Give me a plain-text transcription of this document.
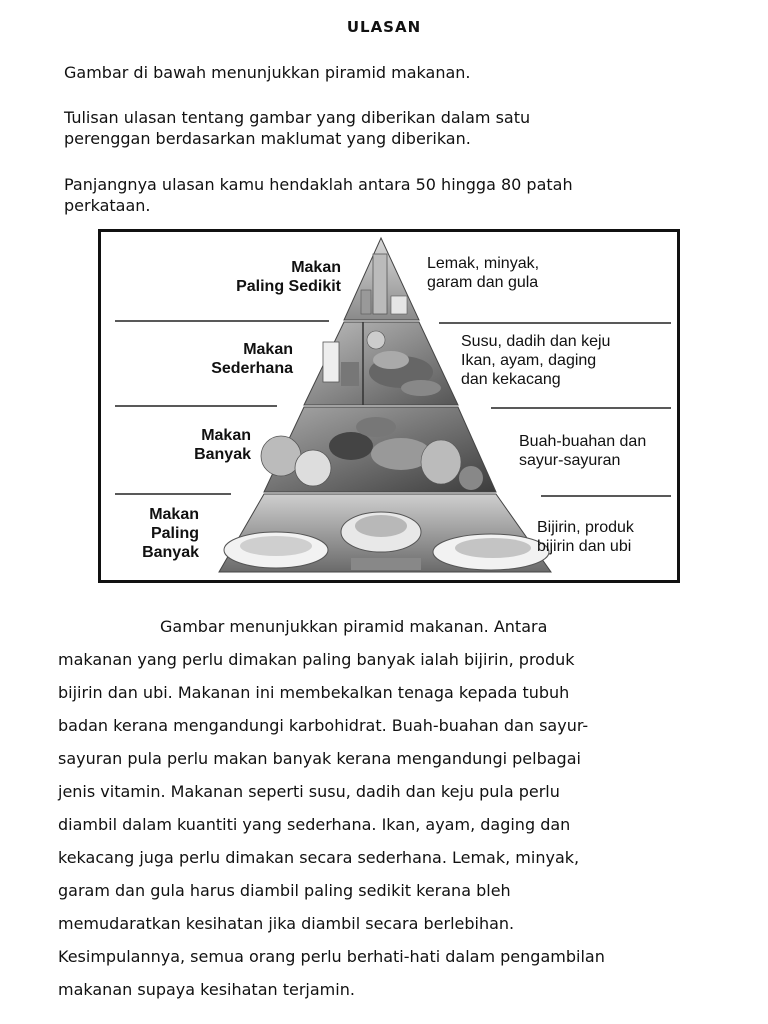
ULASAN

Gambar di bawah menunjukkan piramid makanan.

Tulisan ulasan tentang gambar yang diberikan dalam satu
perenggan berdasarkan maklumat yang diberikan.

Panjangnya ulasan kamu hendaklah antara 50 hingga 80 patah
perkataan.

Makan
Paling Sedikit

Makan
Sederhana

Makan
Banyak

Makan
Paling
Banyak

Lemak, minyak,
garam dan gula

Susu, dadih dan keju
Ikan, ayam, daging
dan kekacang

Buah-buahan dan
sayur-sayuran

Bijirin, produk
bijirin dan ubi

Gambar menunjukkan piramid makanan. Antara
makanan yang perlu dimakan paling banyak ialah bijirin, produk
bijirin dan ubi. Makanan ini membekalkan tenaga kepada tubuh
badan kerana mengandungi karbohidrat. Buah-buahan dan sayur-
sayuran pula perlu makan banyak kerana mengandungi pelbagai
jenis vitamin. Makanan seperti susu, dadih dan keju pula perlu
diambil dalam kuantiti yang sederhana. Ikan, ayam, daging dan
kekacang juga perlu dimakan secara sederhana. Lemak, minyak,
garam dan gula harus diambil paling sedikit kerana bleh
memudaratkan kesihatan jika diambil secara berlebihan.
Kesimpulannya, semua orang perlu berhati-hati dalam pengambilan
makanan supaya kesihatan terjamin.
